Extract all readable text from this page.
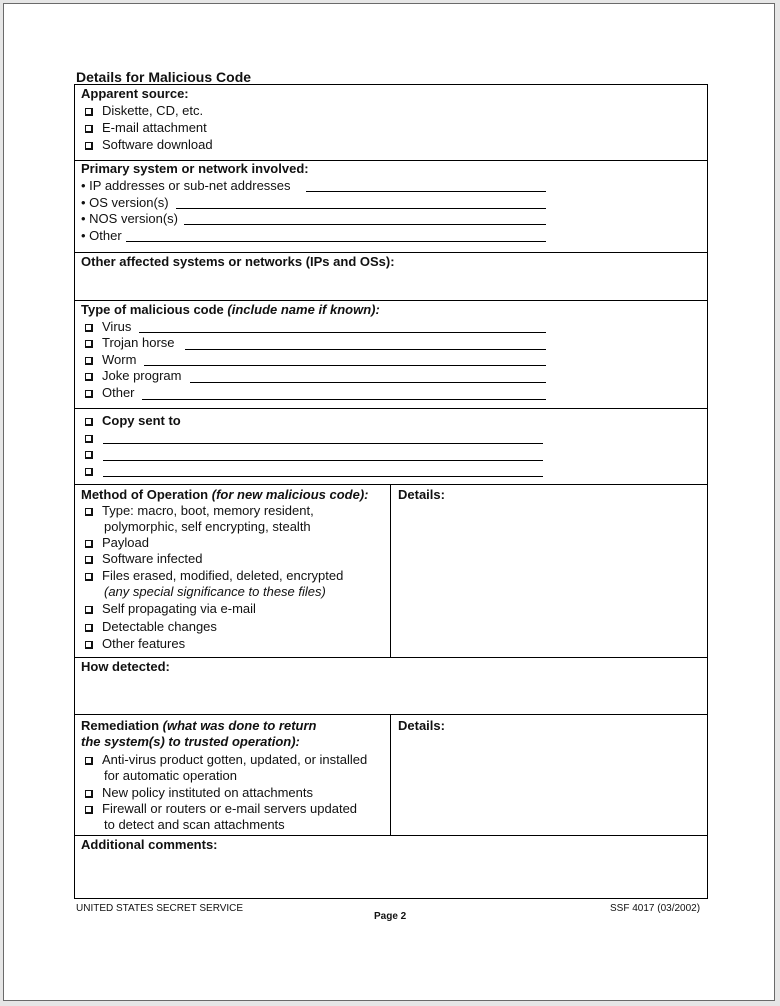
Details for Malicious Code
Apparent source:
Diskette, CD, etc.
E-mail attachment
Software download
Primary system or network involved:
• IP addresses or sub-net addresses
• OS version(s)
• NOS version(s)
• Other
Other affected systems or networks (IPs and OSs):
Type of malicious code (include name if known):
Virus
Trojan horse
Worm
Joke program
Other
Copy sent to
Method of Operation (for new malicious code): Details:
Type: macro, boot, memory resident,
polymorphic, self encrypting, stealth
Payload
Software infected
Files erased, modified, deleted, encrypted
(any special significance to these files)
Self propagating via e-mail
Detectable changes
Other features
How detected:
Remediation (what was done to return
the system(s) to trusted operation):
Details:
Anti-virus product gotten, updated, or installed
for automatic operation
New policy instituted on attachments
Firewall or routers or e-mail servers updated
to detect and scan attachments
Additional comments:
UNITED STATES SECRET SERVICE
Page 2
SSF 4017 (03/2002)
